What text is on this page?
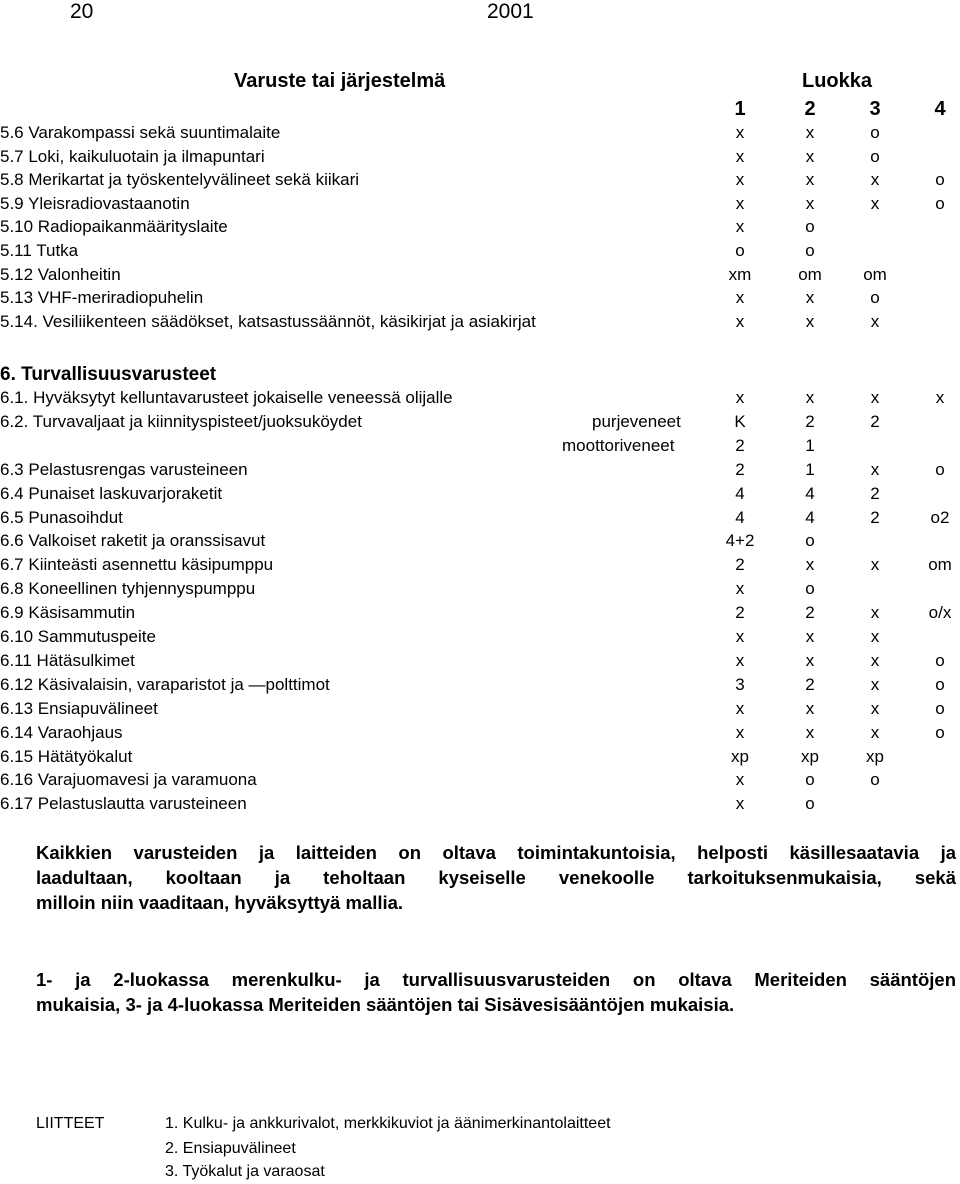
20	2001
Varuste tai järjestelmä	Luokka
1	2	3	4
5.6 Varakompassi sekä suuntimalaite	x	x	o
5.7 Loki, kaikuluotain ja ilmapuntari	x	x	o
5.8 Merikartat ja työskentelyvälineet sekä kiikari	x	x	x	o
5.9 Yleisradiovastaanotin	x	x	x	o
5.10 Radiopaikanmäärityslaite	x	o
5.11 Tutka	o	o
5.12 Valonheitin	xm	om	om
5.13 VHF-meriradiopuhelin	x	x	o
5.14. Vesiliikenteen säädökset, katsastussäännöt, käsikirjat ja asiakirjat	x	x	x
6. Turvallisuusvarusteet
6.1. Hyväksytyt kelluntavarusteet jokaiselle veneessä olijalle	x	x	x	x
6.2. Turvavaljaat ja kiinnityspisteet/juoksuköydet	purjeveneet	K	2	2
moottoriveneet	2	1
6.3 Pelastusrengas varusteineen	2	1	x	o
6.4 Punaiset laskuvarjoraketit	4	4	2
6.5 Punasoihdut	4	4	2	o2
6.6 Valkoiset raketit ja oranssisavut	4+2	o
6.7 Kiinteästi asennettu käsipumppu	2	x	x	om
6.8 Koneellinen tyhjennyspumppu	x	o
6.9 Käsisammutin	2	2	x	o/x
6.10 Sammutuspeite	x	x	x
6.11 Hätäsulkimet	x	x	x	o
6.12 Käsivalaisin, varaparistot ja —polttimot	3	2	x	o
6.13 Ensiapuvälineet	x	x	x	o
6.14 Varaohjaus	x	x	x	o
6.15 Hätätyökalut	xp	xp	xp
6.16 Varajuomavesi ja varamuona	x	o	o
6.17 Pelastuslautta varusteineen	x	o
Kaikkien varusteiden ja laitteiden on oltava toimintakuntoisia, helposti käsillesaatavia ja
laadultaan, kooltaan ja teholtaan kyseiselle venekoolle tarkoituksenmukaisia, sekä
milloin niin vaaditaan, hyväksyttyä mallia.
1- ja 2-luokassa merenkulku- ja turvallisuusvarusteiden on oltava Meriteiden sääntöjen
mukaisia, 3- ja 4-luokassa Meriteiden sääntöjen tai Sisävesisääntöjen mukaisia.
LIITTEET	1. Kulku- ja ankkurivalot, merkkikuviot ja äänimerkinantolaitteet
2. Ensiapuvälineet
3. Työkalut ja varaosat
